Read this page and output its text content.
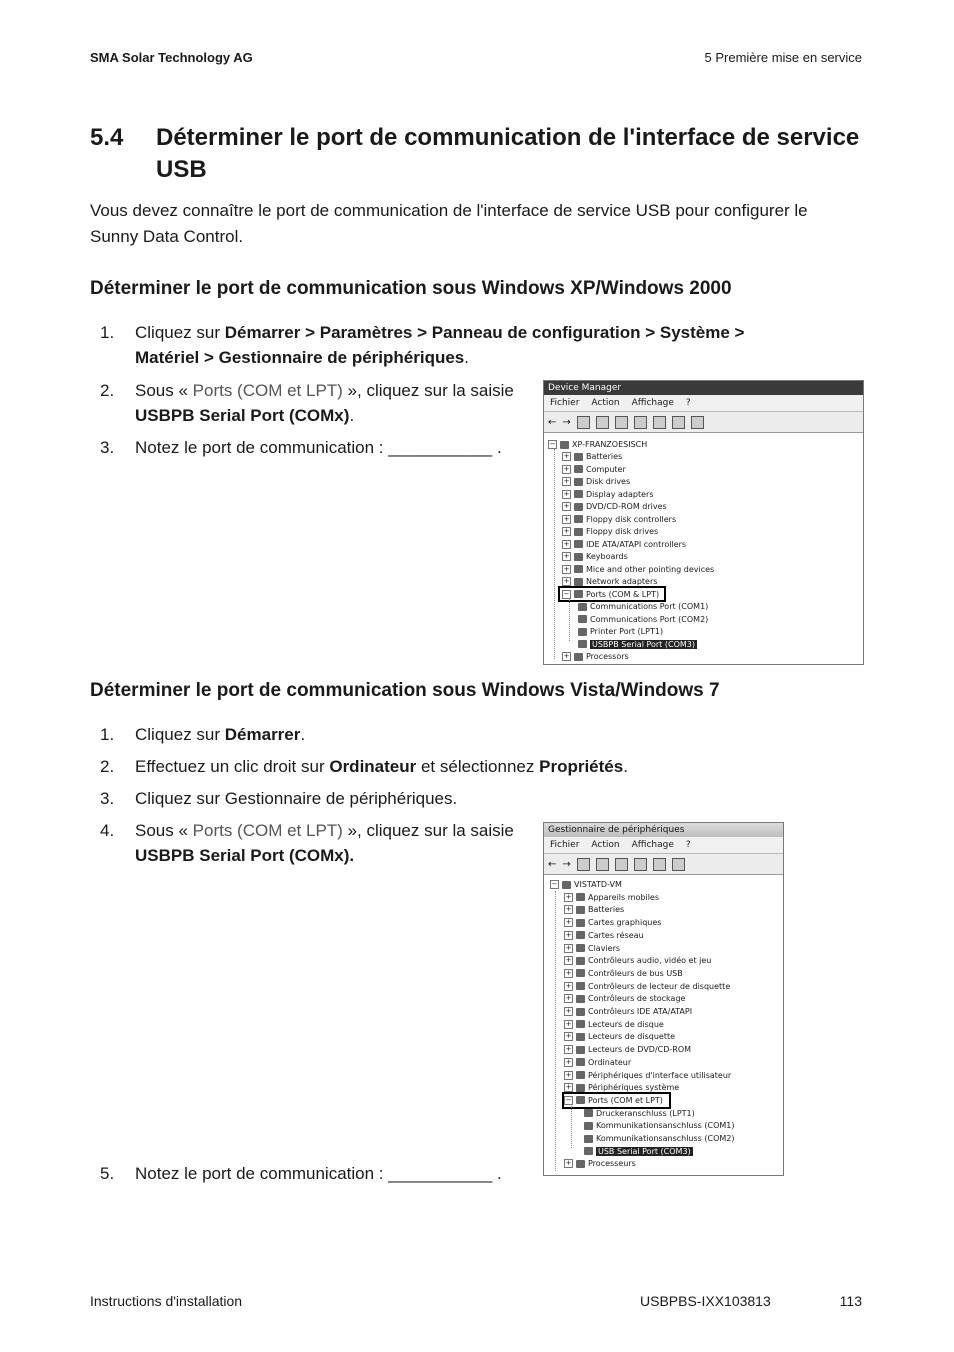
SMA Solar Technology AG	5 Première mise en service
5.4 Déterminer le port de communication de l'interface de service
USB

Vous devez connaître le port de communication de l'interface de service USB pour configurer le Sunny Data Control.

Déterminer le port de communication sous Windows XP/Windows 2000
1. Cliquez sur Démarrer > Paramètres > Panneau de configuration > Système > Matériel > Gestionnaire de périphériques.
2. Sous « Ports (COM et LPT) », cliquez sur la saisie
USBPB Serial Port (COMx).
3. Notez le port de communication : ___________ .
Device Manager
Fichier Action Affichage ?
← →
− XP-FRANZOESISCH
+ Batteries
+ Computer
+ Disk drives
+ Display adapters
+ DVD/CD-ROM drives
+ Floppy disk controllers
+ Floppy disk drives
+ IDE ATA/ATAPI controllers
+ Keyboards
+ Mice and other pointing devices
+ Network adapters
− Ports (COM & LPT)
Communications Port (COM1)
Communications Port (COM2)
Printer Port (LPT1)
USBPB Serial Port (COM3)
+ Processors
Déterminer le port de communication sous Windows Vista/Windows 7
1. Cliquez sur Démarrer.
2. Effectuez un clic droit sur Ordinateur et sélectionnez Propriétés.
3. Cliquez sur Gestionnaire de périphériques.
4. Sous « Ports (COM et LPT) », cliquez sur la saisie
USBPB Serial Port (COMx).
5. Notez le port de communication : ___________ .
Gestionnaire de périphériques
Fichier Action Affichage ?
← →
− VISTATD-VM
+ Appareils mobiles
+ Batteries
+ Cartes graphiques
+ Cartes réseau
+ Claviers
+ Contrôleurs audio, vidéo et jeu
+ Contrôleurs de bus USB
+ Contrôleurs de lecteur de disquette
+ Contrôleurs de stockage
+ Contrôleurs IDE ATA/ATAPI
+ Lecteurs de disque
+ Lecteurs de disquette
+ Lecteurs de DVD/CD-ROM
+ Ordinateur
+ Périphériques d'interface utilisateur
+ Périphériques système
− Ports (COM et LPT)
Druckeranschluss (LPT1)
Kommunikationsanschluss (COM1)
Kommunikationsanschluss (COM2)
USB Serial Port (COM3)
+ Processeurs
Instructions d'installation	USBPBS-IXX103813	113
